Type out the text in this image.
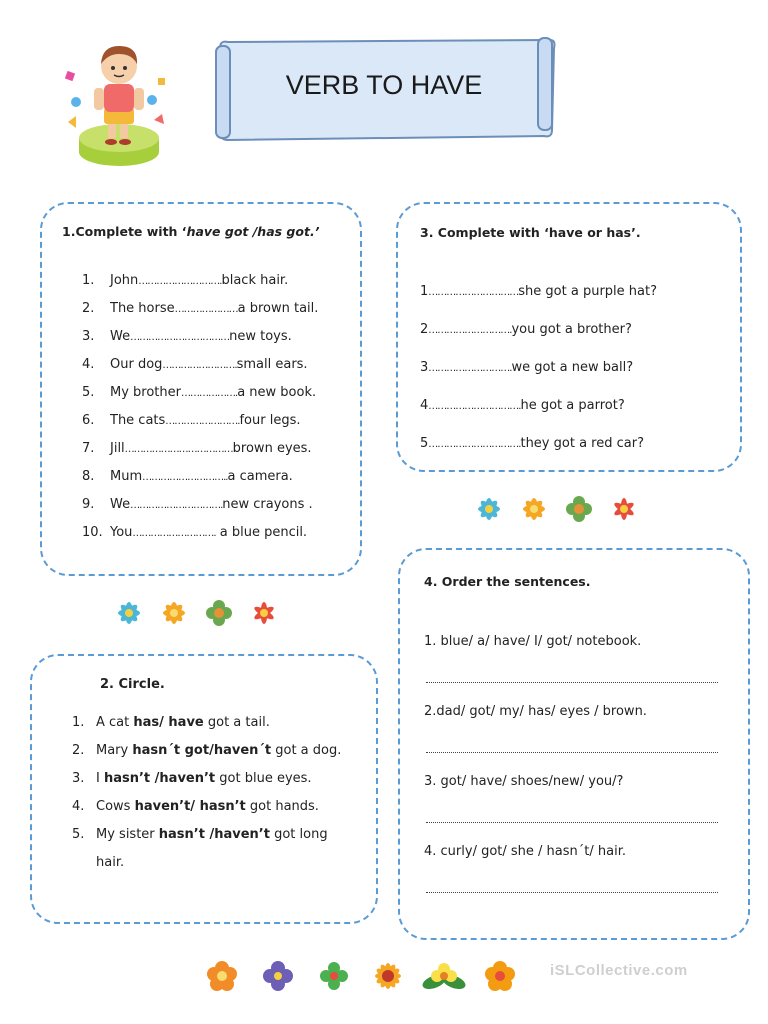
VERB TO HAVE
1.Complete with ‘have got /has got.’
1. John……………………….black hair.
2. The horse…………………a brown tail.
3. We……………………………new toys.
4. Our dog…………………….small ears.
5. My brother……………….a new book.
6. The cats…………………….four legs.
7. Jill………………………………brown eyes.
8. Mum………………………..a camera.
9. We………………………….new crayons .
10. You………………………. a blue pencil.
3. Complete with ‘have or has’.
1…………………………she got a purple hat?
2……………………….you got a brother?
3……………………….we got a new ball?
4………………………….he got a parrot?
5………………………….they got a red car?
4. Order the sentences.
1. blue/ a/ have/ I/ got/ notebook.
2.dad/ got/ my/ has/ eyes / brown.
3. got/ have/ shoes/new/ you/?
4. curly/ got/ she / hasn´t/ hair.
2. Circle.
1. A cat has/ have got a tail.
2. Mary hasn´t got/haven´t got a dog.
3. I hasn’t /haven’t got blue eyes.
4. Cows haven’t/ hasn’t got hands.
5. My sister hasn’t /haven’t got long
hair.
iSLCollective.com
